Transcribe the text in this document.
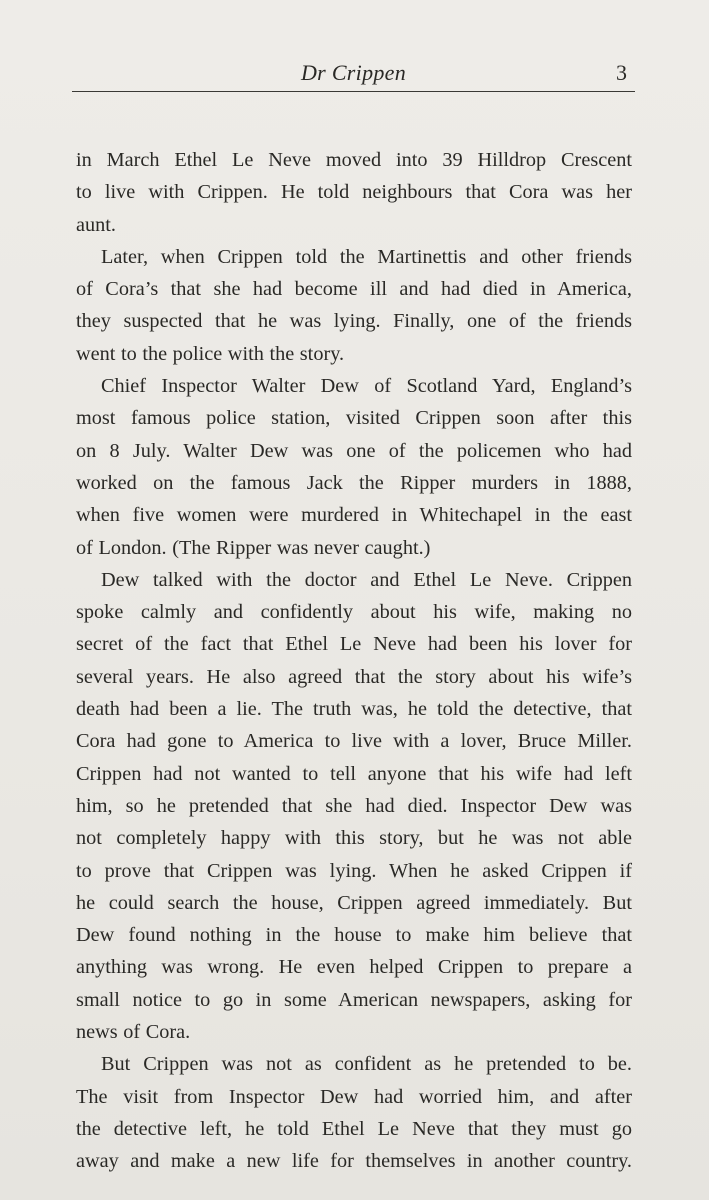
Dr Crippen	3

in March Ethel Le Neve moved into 39 Hilldrop Crescent
to live with Crippen. He told neighbours that Cora was her
aunt.

Later, when Crippen told the Martinettis and other friends
of Cora’s that she had become ill and had died in America,
they suspected that he was lying. Finally, one of the friends
went to the police with the story.

Chief Inspector Walter Dew of Scotland Yard, England’s
most famous police station, visited Crippen soon after this
on 8 July. Walter Dew was one of the policemen who had
worked on the famous Jack the Ripper murders in 1888,
when five women were murdered in Whitechapel in the east
of London. (The Ripper was never caught.)

Dew talked with the doctor and Ethel Le Neve. Crippen
spoke calmly and confidently about his wife, making no
secret of the fact that Ethel Le Neve had been his lover for
several years. He also agreed that the story about his wife’s
death had been a lie. The truth was, he told the detective, that
Cora had gone to America to live with a lover, Bruce Miller.
Crippen had not wanted to tell anyone that his wife had left
him, so he pretended that she had died. Inspector Dew was
not completely happy with this story, but he was not able
to prove that Crippen was lying. When he asked Crippen if
he could search the house, Crippen agreed immediately. But
Dew found nothing in the house to make him believe that
anything was wrong. He even helped Crippen to prepare a
small notice to go in some American newspapers, asking for
news of Cora.

But Crippen was not as confident as he pretended to be.
The visit from Inspector Dew had worried him, and after
the detective left, he told Ethel Le Neve that they must go
away and make a new life for themselves in another country.
